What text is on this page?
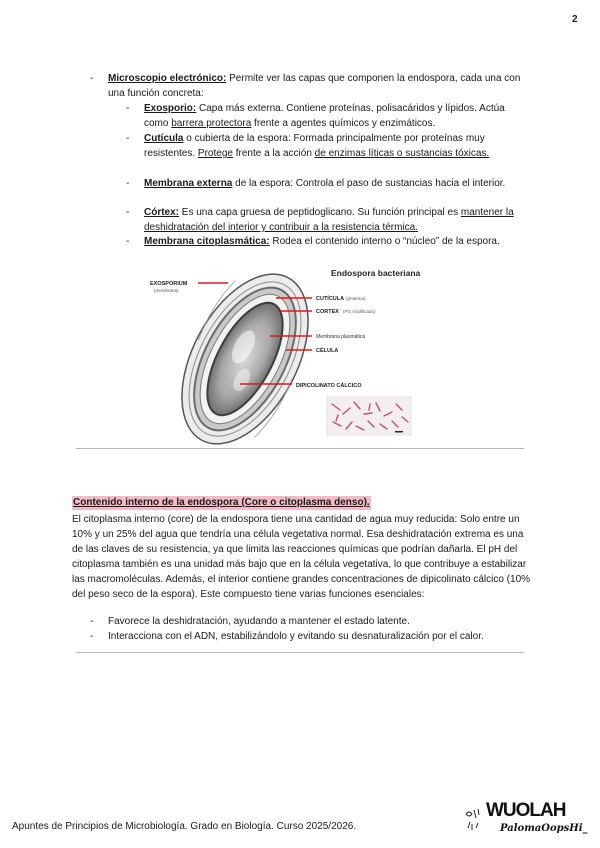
2
- Microscopio electrónico: Permite ver las capas que componen la endospora, cada una con una función concreta:
- Exosporio: Capa más externa. Contiene proteínas, polisacáridos y lípidos. Actúa como barrera protectora frente a agentes químicos y enzimáticos.
- Cutícula o cubierta de la espora: Formada principalmente por proteínas muy resistentes. Protege frente a la acción de enzimas líticas o sustancias tóxicas.
- Membrana externa de la espora: Controla el paso de sustancias hacia el interior.
- Córtex: Es una capa gruesa de peptidoglicano. Su función principal es mantener la deshidratación del interior y contribuir a la resistencia térmica.
- Membrana citoplasmática: Rodea el contenido interno o “núcleo” de la espora.
Endospora bacteriana
EXOSPORIUM
(membrana)
CUTÍCULA (proteína)
CORTEX (PG modificado)
Membrana plasmática
CÉLULA
DIPICOLINATO CÁLCICO
Contenido interno de la endospora (Core o citoplasma denso).
El citoplasma interno (core) de la endospora tiene una cantidad de agua muy reducida: Solo entre un 10% y un 25% del agua que tendría una célula vegetativa normal. Esa deshidratación extrema es una de las claves de su resistencia, ya que limita las reacciones químicas que podrían dañarla. El pH del citoplasma también es una unidad más bajo que en la célula vegetativa, lo que contribuye a estabilizar las macromoléculas. Además, el interior contiene grandes concentraciones de dipicolinato cálcico (10% del peso seco de la espora). Este compuesto tiene varias funciones esenciales:
- Favorece la deshidratación, ayudando a mantener el estado latente.
- Interacciona con el ADN, estabilizándolo y evitando su desnaturalización por el calor.
Apuntes de Principios de Microbiología. Grado en Biología. Curso 2025/2026.
WUOLAH
PalomaOopsHi_
